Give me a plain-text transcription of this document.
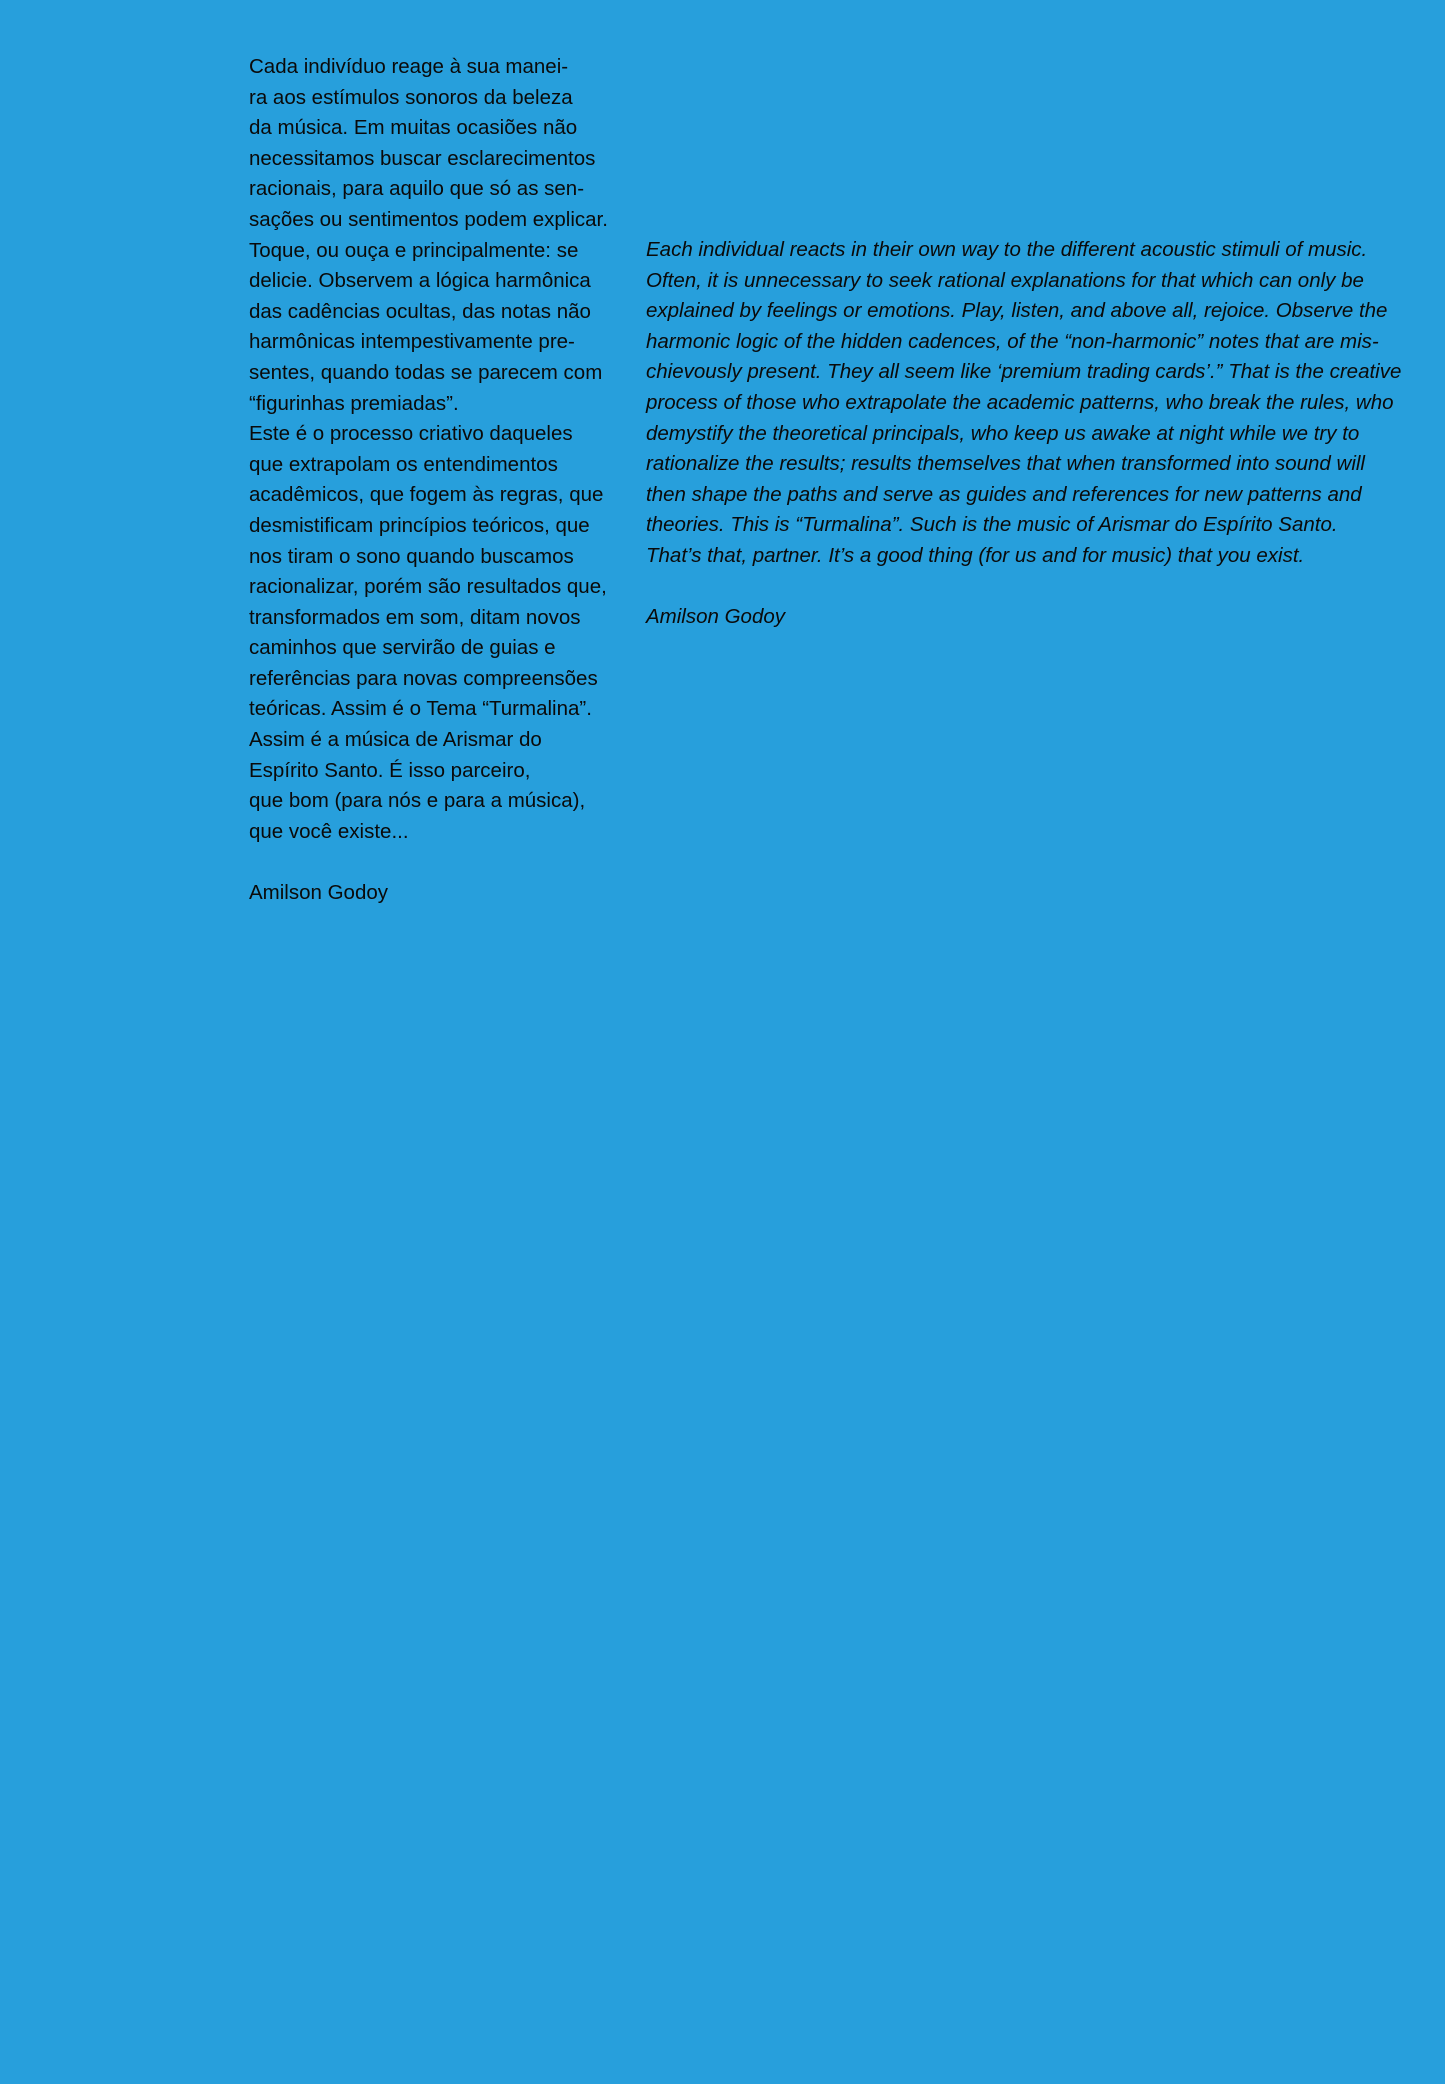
Cada indivíduo reage à sua manei-
ra aos estímulos sonoros da beleza
da música. Em muitas ocasiões não
necessitamos buscar esclarecimentos
racionais, para aquilo que só as sen-
sações ou sentimentos podem explicar.
Toque, ou ouça e principalmente: se
delicie. Observem a lógica harmônica
das cadências ocultas, das notas não
harmônicas intempestivamente pre-
sentes, quando todas se parecem com
“figurinhas premiadas”.
Este é o processo criativo daqueles
que extrapolam os entendimentos
acadêmicos, que fogem às regras, que
desmistificam princípios teóricos, que
nos tiram o sono quando buscamos
racionalizar, porém são resultados que,
transformados em som, ditam novos
caminhos que servirão de guias e
referências para novas compreensões
teóricas. Assim é o Tema “Turmalina”.
Assim é a música de Arismar do
Espírito Santo. É isso parceiro,
que bom (para nós e para a música),
que você existe...
Amilson Godoy
Each individual reacts in their own way to the different acoustic stimuli of music.
Often, it is unnecessary to seek rational explanations for that which can only be
explained by feelings or emotions. Play, listen, and above all, rejoice. Observe the
harmonic logic of the hidden cadences, of the “non-harmonic” notes that are mis-
chievously present. They all seem like ‘premium trading cards’.” That is the creative
process of those who extrapolate the academic patterns, who break the rules, who
demystify the theoretical principals, who keep us awake at night while we try to
rationalize the results; results themselves that when transformed into sound will
then shape the paths and serve as guides and references for new patterns and
theories. This is “Turmalina”. Such is the music of Arismar do Espírito Santo.
That’s that, partner. It’s a good thing (for us and for music) that you exist.
Amilson Godoy
